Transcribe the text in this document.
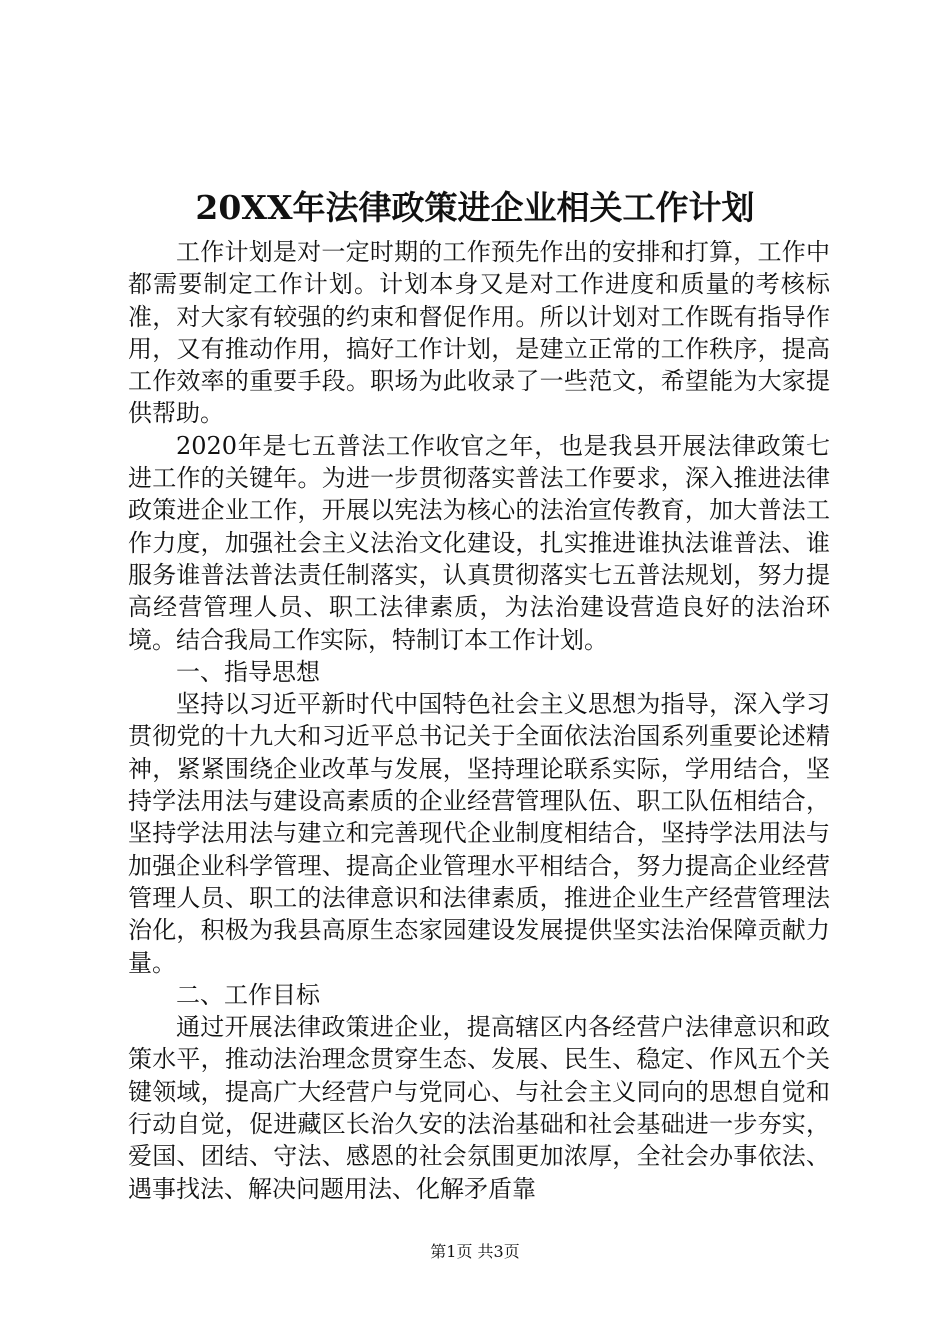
20XX年法律政策进企业相关工作计划

工作计划是对一定时期的工作预先作出的安排和打算，工作中都需要制定工作计划。计划本身又是对工作进度和质量的考核标准，对大家有较强的约束和督促作用。所以计划对工作既有指导作用，又有推动作用，搞好工作计划，是建立正常的工作秩序，提高工作效率的重要手段。职场为此收录了一些范文，希望能为大家提供帮助。

2020年是七五普法工作收官之年，也是我县开展法律政策七进工作的关键年。为进一步贯彻落实普法工作要求，深入推进法律政策进企业工作，开展以宪法为核心的法治宣传教育，加大普法工作力度，加强社会主义法治文化建设，扎实推进谁执法谁普法、谁服务谁普法普法责任制落实，认真贯彻落实七五普法规划，努力提高经营管理人员、职工法律素质，为法治建设营造良好的法治环境。结合我局工作实际，特制订本工作计划。

一、指导思想

坚持以习近平新时代中国特色社会主义思想为指导，深入学习贯彻党的十九大和习近平总书记关于全面依法治国系列重要论述精神，紧紧围绕企业改革与发展，坚持理论联系实际，学用结合，坚持学法用法与建设高素质的企业经营管理队伍、职工队伍相结合，坚持学法用法与建立和完善现代企业制度相结合，坚持学法用法与加强企业科学管理、提高企业管理水平相结合，努力提高企业经营管理人员、职工的法律意识和法律素质，推进企业生产经营管理法治化，积极为我县高原生态家园建设发展提供坚实法治保障贡献力量。

二、工作目标

通过开展法律政策进企业，提高辖区内各经营户法律意识和政策水平，推动法治理念贯穿生态、发展、民生、稳定、作风五个关键领域，提高广大经营户与党同心、与社会主义同向的思想自觉和行动自觉，促进藏区长治久安的法治基础和社会基础进一步夯实，爱国、团结、守法、感恩的社会氛围更加浓厚，全社会办事依法、遇事找法、解决问题用法、化解矛盾靠

第1页 共3页
